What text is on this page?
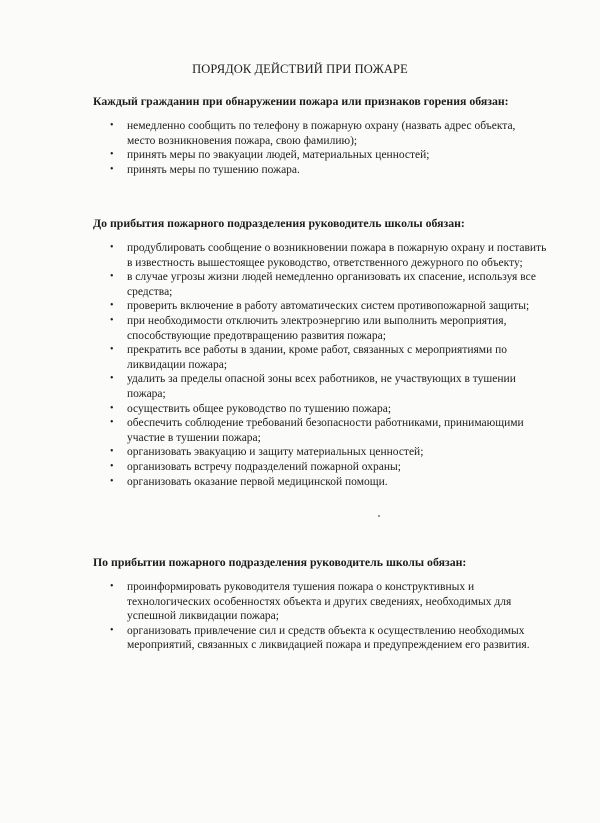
ПОРЯДОК ДЕЙСТВИЙ ПРИ ПОЖАРЕ

Каждый гражданин при обнаружении пожара или признаков горения обязан:

• немедленно сообщить по телефону в пожарную охрану (назвать адрес объекта, место возникновения пожара, свою фамилию);
• принять меры по эвакуации людей, материальных ценностей;
• принять меры по тушению пожара.

До прибытия пожарного подразделения руководитель школы обязан:

• продублировать сообщение о возникновении пожара в пожарную охрану и поставить в известность вышестоящее руководство, ответственного дежурного по объекту;
• в случае угрозы жизни людей немедленно организовать их спасение, используя все средства;
• проверить включение в работу автоматических систем противопожарной защиты;
• при необходимости отключить электроэнергию или выполнить мероприятия, способствующие предотвращению развития пожара;
• прекратить все работы в здании, кроме работ, связанных с мероприятиями по ликвидации пожара;
• удалить за пределы опасной зоны всех работников, не участвующих в тушении пожара;
• осуществить общее руководство по тушению пожара;
• обеспечить соблюдение требований безопасности работниками, принимающими участие в тушении пожара;
• организовать эвакуацию и защиту материальных ценностей;
• организовать встречу подразделений пожарной охраны;
• организовать оказание первой медицинской помощи.

По прибытии пожарного подразделения руководитель школы обязан:

• проинформировать руководителя тушения пожара о конструктивных и технологических особенностях объекта и других сведениях, необходимых для успешной ликвидации пожара;
• организовать привлечение сил и средств объекта к осуществлению необходимых мероприятий, связанных с ликвидацией пожара и предупреждением его развития.
